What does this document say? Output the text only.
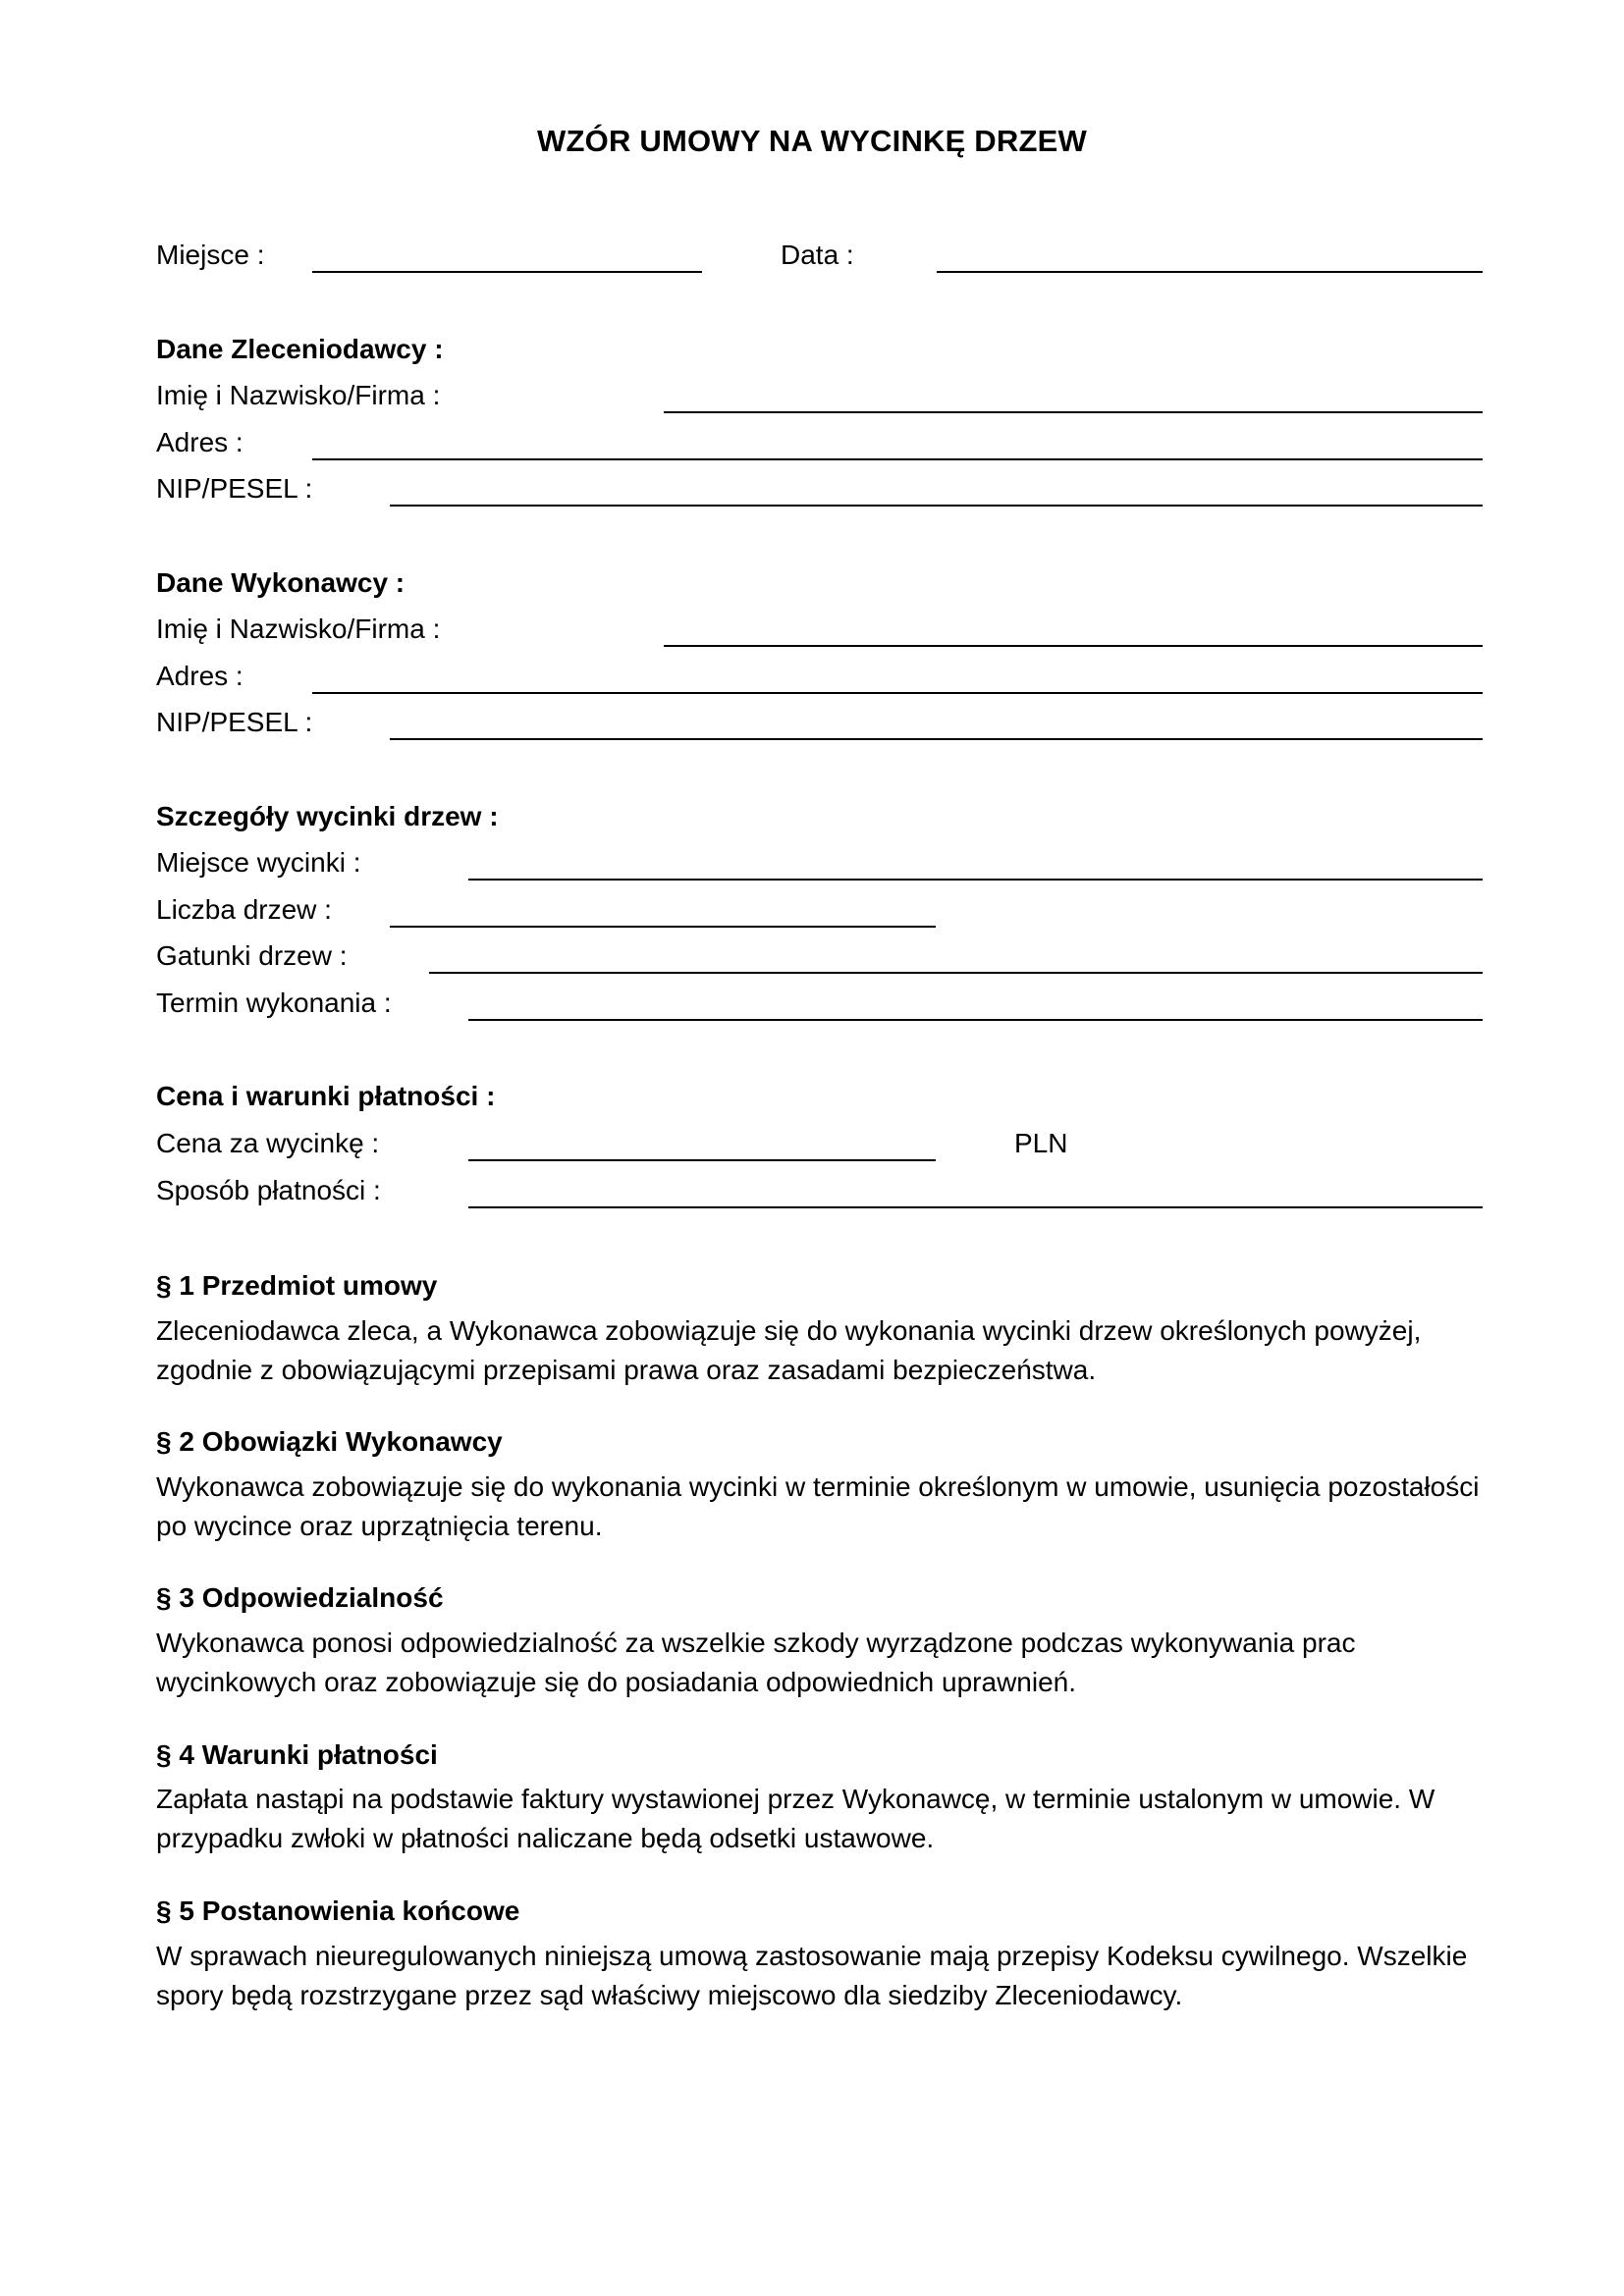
WZÓR UMOWY NA WYCINKĘ DRZEW
Miejsce :	Data :
Dane Zleceniodawcy :
Imię i Nazwisko/Firma :
Adres :
NIP/PESEL :
Dane Wykonawcy :
Imię i Nazwisko/Firma :
Adres :
NIP/PESEL :
Szczegóły wycinki drzew :
Miejsce wycinki :
Liczba drzew :
Gatunki drzew :
Termin wykonania :
Cena i warunki płatności :
Cena za wycinkę :	PLN
Sposób płatności :
§ 1 Przedmiot umowy
Zleceniodawca zleca, a Wykonawca zobowiązuje się do wykonania wycinki drzew określonych powyżej,
zgodnie z obowiązującymi przepisami prawa oraz zasadami bezpieczeństwa.
§ 2 Obowiązki Wykonawcy
Wykonawca zobowiązuje się do wykonania wycinki w terminie określonym w umowie, usunięcia pozostałości
po wycince oraz uprzątnięcia terenu.
§ 3 Odpowiedzialność
Wykonawca ponosi odpowiedzialność za wszelkie szkody wyrządzone podczas wykonywania prac
wycinkowych oraz zobowiązuje się do posiadania odpowiednich uprawnień.
§ 4 Warunki płatności
Zapłata nastąpi na podstawie faktury wystawionej przez Wykonawcę, w terminie ustalonym w umowie. W
przypadku zwłoki w płatności naliczane będą odsetki ustawowe.
§ 5 Postanowienia końcowe
W sprawach nieuregulowanych niniejszą umową zastosowanie mają przepisy Kodeksu cywilnego. Wszelkie
spory będą rozstrzygane przez sąd właściwy miejscowo dla siedziby Zleceniodawcy.
